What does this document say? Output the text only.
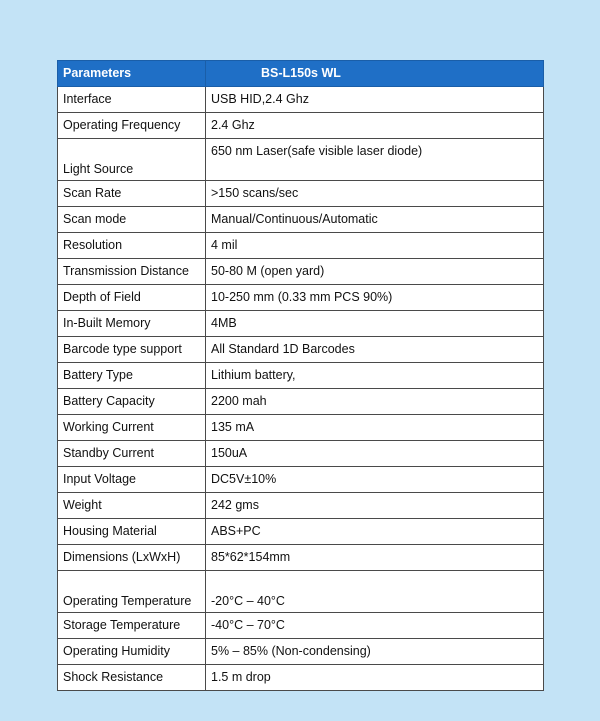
Parameters	BS-L150s WL
Interface	USB HID,2.4 Ghz
Operating Frequency	2.4 Ghz
Light Source	650 nm Laser(safe visible laser diode)
Scan Rate	>150 scans/sec
Scan mode	Manual/Continuous/Automatic
Resolution	4 mil
Transmission Distance	50-80 M (open yard)
Depth of Field	10-250 mm (0.33 mm PCS 90%)
In-Built Memory	4MB
Barcode type support	All Standard 1D Barcodes
Battery Type	Lithium battery,
Battery Capacity	2200 mah
Working Current	135 mA
Standby Current	150uA
Input Voltage	DC5V±10%
Weight	242 gms
Housing Material	ABS+PC
Dimensions (LxWxH)	85*62*154mm
Operating Temperature	-20°C – 40°C
Storage Temperature	-40°C – 70°C
Operating Humidity	5% – 85% (Non-condensing)
Shock Resistance	1.5 m drop
